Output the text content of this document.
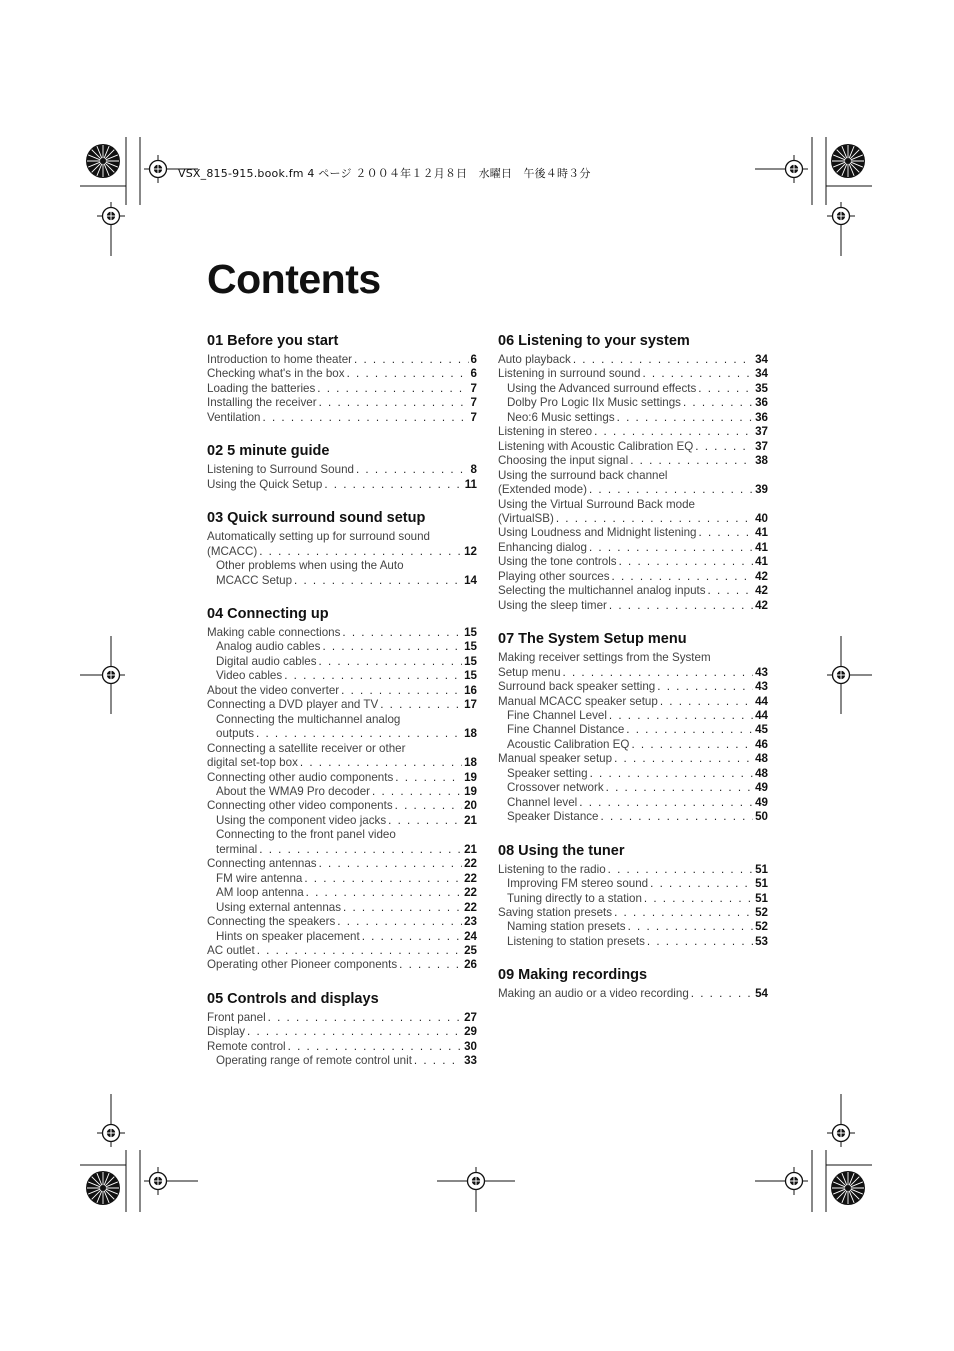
VSX_815-915.book.fm 4 ページ ２００４年１２月８日　水曜日　午後４時３分
Contents
01 Before you start
Introduction to home theater . . .	6
Checking what's in the box . . .	6
Loading the batteries . . .	7
Installing the receiver . . .	7
Ventilation . . .	7
02 5 minute guide
Listening to Surround Sound . . .	8
Using the Quick Setup . . .	11
03 Quick surround sound setup
Automatically setting up for surround sound
(MCACC) . . .	12
Other problems when using the Auto
MCACC Setup . . .	14
04 Connecting up
Making cable connections . . .	15
Analog audio cables . . .	15
Digital audio cables . . .	15
Video cables . . .	15
About the video converter . . .	16
Connecting a DVD player and TV . . .	17
Connecting the multichannel analog
outputs . . .	18
Connecting a satellite receiver or other
digital set-top box . . .	18
Connecting other audio components . . .	19
About the WMA9 Pro decoder . . .	19
Connecting other video components . . .	20
Using the component video jacks . . .	21
Connecting to the front panel video
terminal . . .	21
Connecting antennas . . .	22
FM wire antenna . . .	22
AM loop antenna . . .	22
Using external antennas . . .	22
Connecting the speakers . . .	23
Hints on speaker placement . . .	24
AC outlet . . .	25
Operating other Pioneer components . . .	26
05 Controls and displays
Front panel . . .	27
Display . . .	29
Remote control . . .	30
Operating range of remote control unit . . .	33
06 Listening to your system
Auto playback . . .	34
Listening in surround sound . . .	34
Using the Advanced surround effects . . .	35
Dolby Pro Logic IIx Music settings . . .	36
Neo:6 Music settings . . .	36
Listening in stereo . . .	37
Listening with Acoustic Calibration EQ . . .	37
Choosing the input signal . . .	38
Using the surround back channel
(Extended mode) . . .	39
Using the Virtual Surround Back mode
(VirtualSB) . . .	40
Using Loudness and Midnight listening . . .	41
Enhancing dialog . . .	41
Using the tone controls . . .	41
Playing other sources . . .	42
Selecting the multichannel analog inputs . . .	42
Using the sleep timer . . .	42
07 The System Setup menu
Making receiver settings from the System
Setup menu . . .	43
Surround back speaker setting . . .	43
Manual MCACC speaker setup . . .	44
Fine Channel Level . . .	44
Fine Channel Distance . . .	45
Acoustic Calibration EQ . . .	46
Manual speaker setup . . .	48
Speaker setting . . .	48
Crossover network . . .	49
Channel level . . .	49
Speaker Distance . . .	50
08 Using the tuner
Listening to the radio . . .	51
Improving FM stereo sound . . .	51
Tuning directly to a station . . .	51
Saving station presets . . .	52
Naming station presets . . .	52
Listening to station presets . . .	53
09 Making recordings
Making an audio or a video recording . . .	54
